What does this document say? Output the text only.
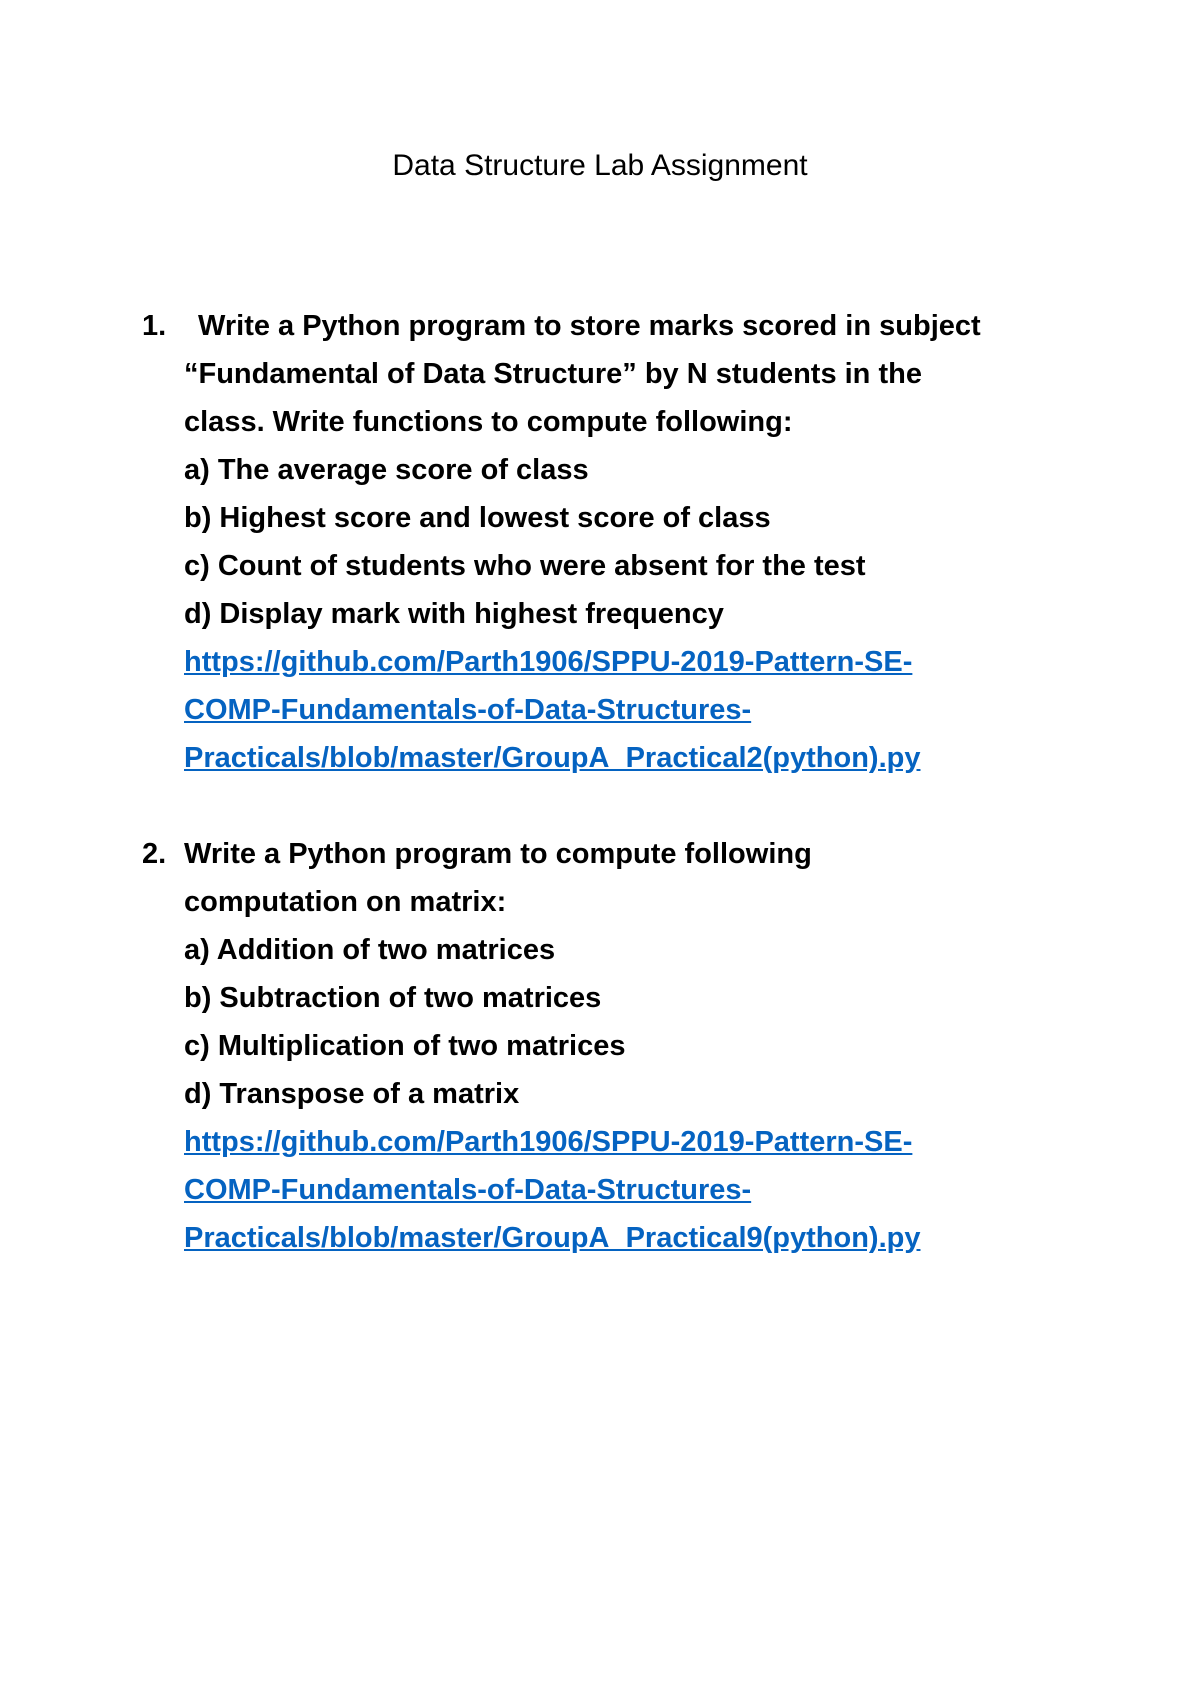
Data Structure Lab Assignment
1.	Write a Python program to store marks scored in subject
“Fundamental of Data Structure” by N students in the
class. Write functions to compute following:
a) The average score of class
b) Highest score and lowest score of class
c) Count of students who were absent for the test
d) Display mark with highest frequency
https://github.com/Parth1906/SPPU-2019-Pattern-SE-
COMP-Fundamentals-of-Data-Structures-
Practicals/blob/master/GroupA_Practical2(python).py
2. Write a Python program to compute following
computation on matrix:
a) Addition of two matrices
b) Subtraction of two matrices
c) Multiplication of two matrices
d) Transpose of a matrix
https://github.com/Parth1906/SPPU-2019-Pattern-SE-
COMP-Fundamentals-of-Data-Structures-
Practicals/blob/master/GroupA_Practical9(python).py
